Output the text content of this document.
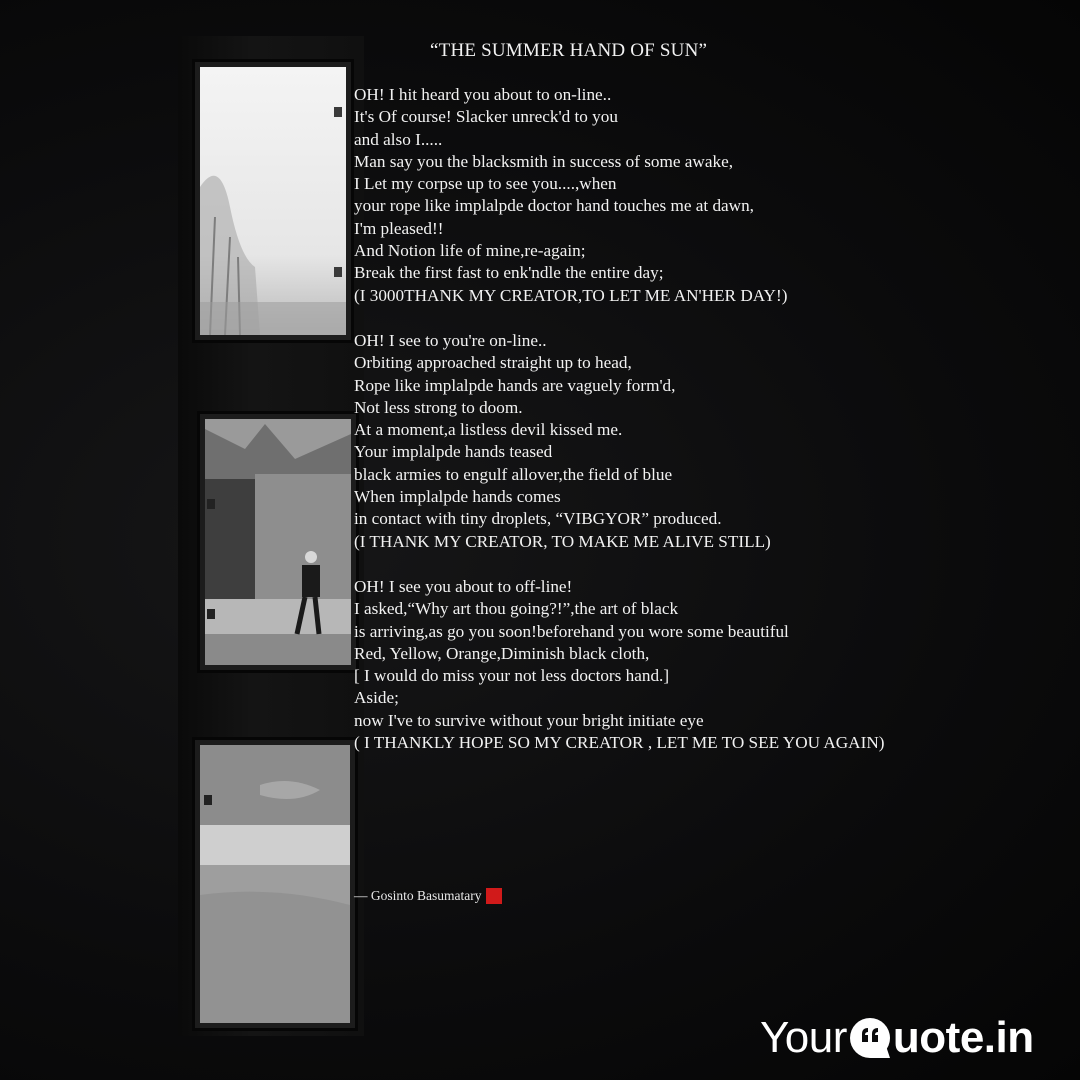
“THE SUMMER HAND OF SUN”
OH! I hit heard you about to on-line..
It's Of course! Slacker unreck'd to you
and also I.....
Man say you the blacksmith in success of some awake,
I Let my corpse up to see you....,when
your rope like implalpde doctor hand touches me at dawn,
I'm pleased!!
And Notion life of mine,re-again;
Break the first fast to enk'ndle the entire day;
(I 3000THANK MY CREATOR,TO LET ME AN'HER DAY!)
OH! I see to you're on-line..
Orbiting approached straight up to head,
Rope like implalpde hands are vaguely form'd,
Not less strong to doom.
At a moment,a listless devil kissed me.
Your implalpde hands teased
black armies to engulf allover,the field of blue
When implalpde hands comes
in contact with tiny droplets, “VIBGYOR” produced.
(I THANK MY CREATOR, TO MAKE ME ALIVE STILL)
OH! I see you about to off-line!
I asked,“Why art thou going?!”,the art of black
is arriving,as go you soon!beforehand you wore some beautiful
Red, Yellow, Orange,Diminish black cloth,
[ I would do miss your not less doctors hand.]
Aside;
now I've to survive without your bright initiate eye
( I THANKLY HOPE SO MY CREATOR , LET ME TO SEE YOU AGAIN)
— Gosinto Basumatary
Your uote.in
